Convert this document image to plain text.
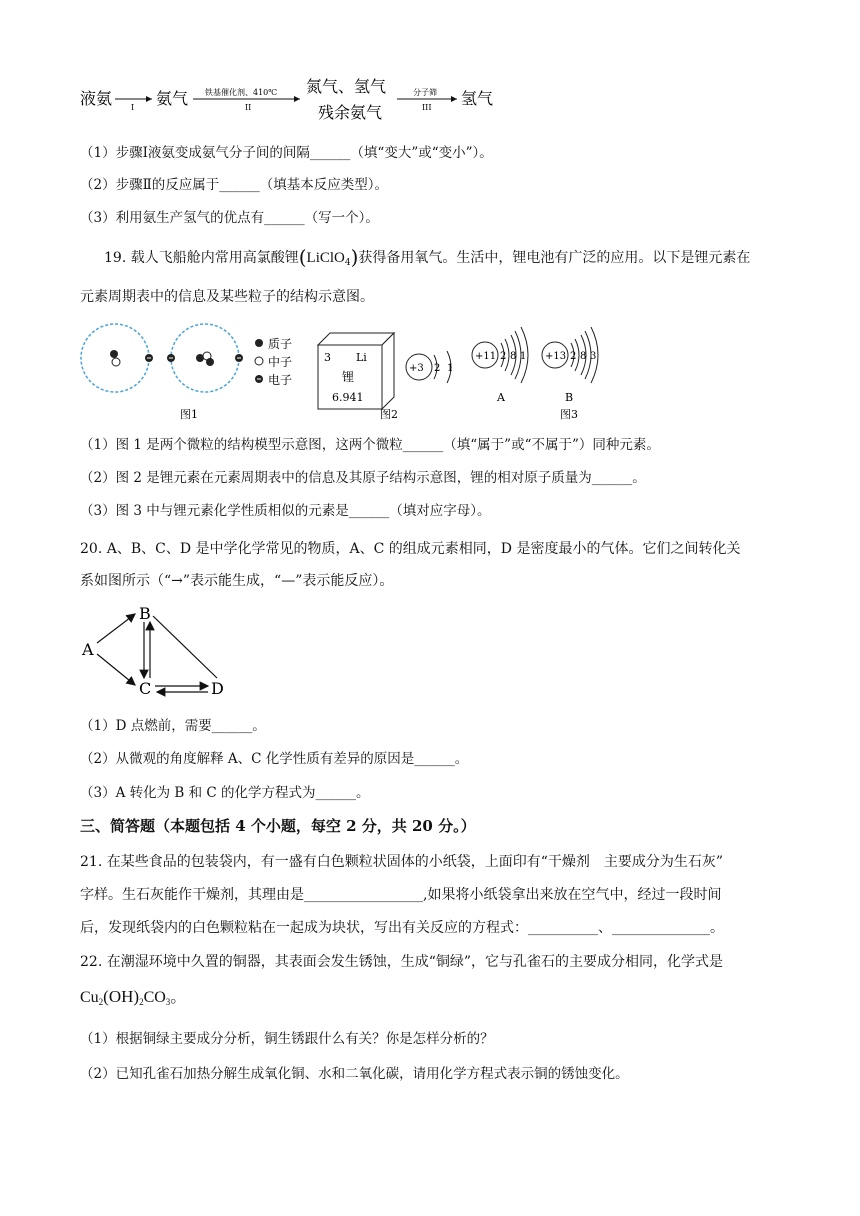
液氨 I 氨气 铁基催化剂、410℃
II
氮气、氢气
残余氨气
分子筛
III 氢气
（1）步骤Ⅰ液氨变成氨气分子间的间隔______（填“变大”或“变小”）。
（2）步骤Ⅱ的反应属于______（填基本反应类型）。
（3）利用氨生产氢气的优点有______（写一个）。
19. 载人飞船舱内常用高氯酸锂(LiClO$_4$)获得备用氧气。生活中，锂电池有广泛的应用。以下是锂元素在
元素周期表中的信息及某些粒子的结构示意图。
质子
中子
电子
图1
3 Li
锂
6.941
+3 2 1
图2
+11 2 8 1
A
+13 2 8 3
B
图3
（1）图 1 是两个微粒的结构模型示意图，这两个微粒______（填“属于”或“不属于”）同种元素。
（2）图 2 是锂元素在元素周期表中的信息及其原子结构示意图，锂的相对原子质量为______。
（3）图 3 中与锂元素化学性质相似的元素是______（填对应字母）。
20. A、B、C、D 是中学化学常见的物质，A、C 的组成元素相同，D 是密度最小的气体。它们之间转化关
系如图所示（“→”表示能生成，“—”表示能反应）。
A
B
C	D
（1）D 点燃前，需要______。
（2）从微观的角度解释 A、C 化学性质有差异的原因是______。
（3）A 转化为 B 和 C 的化学方程式为______。
三、简答题（本题包括 4 个小题，每空 2 分，共 20 分。）
21. 在某些食品的包装袋内，有一盛有白色颗粒状固体的小纸袋，上面印有“干燥剂　主要成分为生石灰”
字样。生石灰能作干燥剂，其理由是_________________,如果将小纸袋拿出来放在空气中，经过一段时间
后，发现纸袋内的白色颗粒粘在一起成为块状，写出有关反应的方程式：__________、______________。
22. 在潮湿环境中久置的铜器，其表面会发生锈蚀，生成“铜绿”，它与孔雀石的主要成分相同，化学式是
$Cu_2(OH)_2CO_3$。
（1）根据铜绿主要成分分析，铜生锈跟什么有关？你是怎样分析的？
（2）已知孔雀石加热分解生成氧化铜、水和二氧化碳，请用化学方程式表示铜的锈蚀变化。
